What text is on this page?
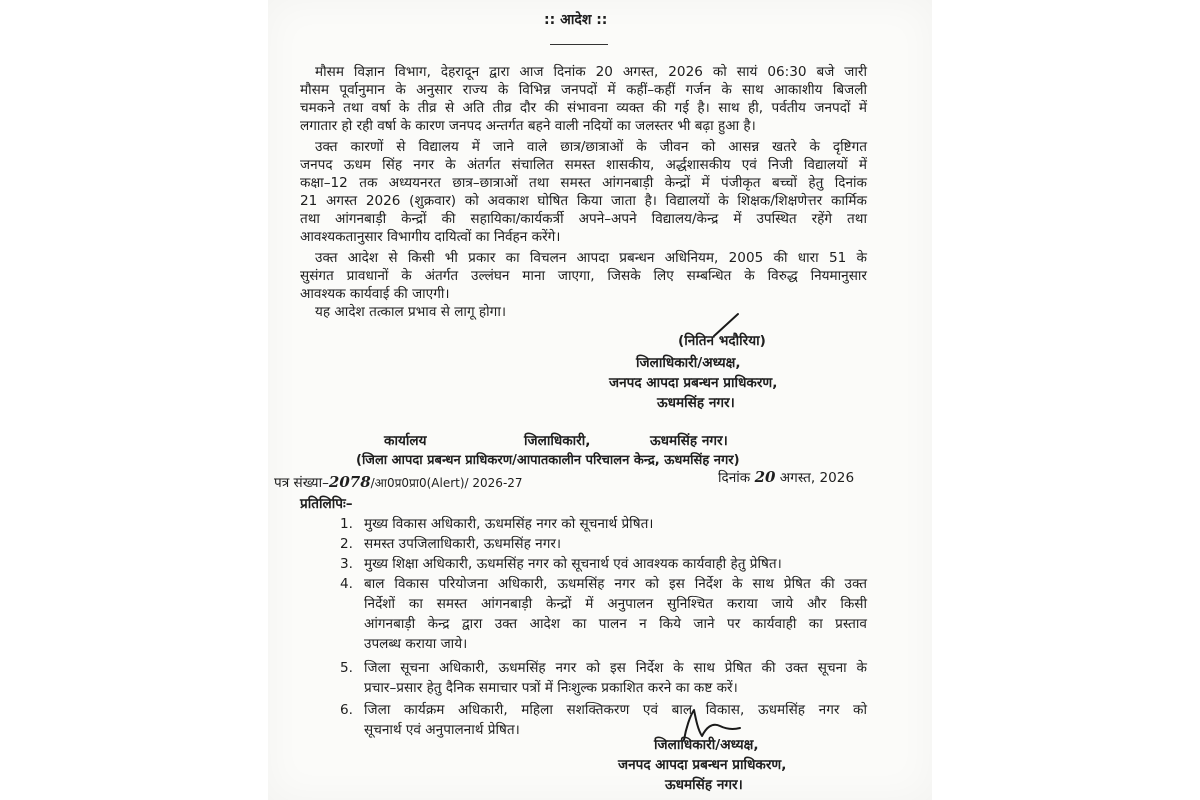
:: आदेश ::
मौसम विज्ञान विभाग, देहरादून द्वारा आज दिनांक 20 अगस्त, 2026 को सायं 06:30 बजे जारी
मौसम पूर्वानुमान के अनुसार राज्य के विभिन्न जनपदों में कहीं–कहीं गर्जन के साथ आकाशीय बिजली
चमकने तथा वर्षा के तीव्र से अति तीव्र दौर की संभावना व्यक्त की गई है। साथ ही, पर्वतीय जनपदों में
लगातार हो रही वर्षा के कारण जनपद अन्तर्गत बहने वाली नदियों का जलस्तर भी बढ़ा हुआ है।
उक्त कारणों से विद्यालय में जाने वाले छात्र/छात्राओं के जीवन को आसन्न खतरे के दृष्टिगत
जनपद ऊधम सिंह नगर के अंतर्गत संचालित समस्त शासकीय, अर्द्धशासकीय एवं निजी विद्यालयों में
कक्षा–12 तक अध्ययनरत छात्र–छात्राओं तथा समस्त आंगनबाड़ी केन्द्रों में पंजीकृत बच्चों हेतु दिनांक
21 अगस्त 2026 (शुक्रवार) को अवकाश घोषित किया जाता है। विद्यालयों के शिक्षक/शिक्षणेत्तर कार्मिक
तथा आंगनबाड़ी केन्द्रों की सहायिका/कार्यकर्त्री अपने–अपने विद्यालय/केन्द्र में उपस्थित रहेंगे तथा
आवश्यकतानुसार विभागीय दायित्वों का निर्वहन करेंगे।
उक्त आदेश से किसी भी प्रकार का विचलन आपदा प्रबन्धन अधिनियम, 2005 की धारा 51 के
सुसंगत प्रावधानों के अंतर्गत उल्लंघन माना जाएगा, जिसके लिए सम्बन्धित के विरुद्ध नियमानुसार
आवश्यक कार्यवाई की जाएगी।
यह आदेश तत्काल प्रभाव से लागू होगा।
(नितिन भदौरिया)
जिलाधिकारी/अध्यक्ष,
जनपद आपदा प्रबन्धन प्राधिकरण,
ऊधमसिंह नगर।
कार्यालय	जिलाधिकारी,	ऊधमसिंह नगर।
(जिला आपदा प्रबन्धन प्राधिकरण/आपातकालीन परिचालन केन्द्र, ऊधमसिंह नगर)
पत्र संख्या–2078/आ0प्र0प्रा0(Alert)/ 2026-27	दिनांक 20 अगस्त, 2026
प्रतिलिपिः–
1. मुख्य विकास अधिकारी, ऊधमसिंह नगर को सूचनार्थ प्रेषित।
2. समस्त उपजिलाधिकारी, ऊधमसिंह नगर।
3. मुख्य शिक्षा अधिकारी, ऊधमसिंह नगर को सूचनार्थ एवं आवश्यक कार्यवाही हेतु प्रेषित।
4. बाल विकास परियोजना अधिकारी, ऊधमसिंह नगर को इस निर्देश के साथ प्रेषित की उक्त
निर्देशों का समस्त आंगनबाड़ी केन्द्रों में अनुपालन सुनिश्चित कराया जाये और किसी
आंगनबाड़ी केन्द्र द्वारा उक्त आदेश का पालन न किये जाने पर कार्यवाही का प्रस्ताव
उपलब्ध कराया जाये।
5. जिला सूचना अधिकारी, ऊधमसिंह नगर को इस निर्देश के साथ प्रेषित की उक्त सूचना के
प्रचार–प्रसार हेतु दैनिक समाचार पत्रों में निःशुल्क प्रकाशित करने का कष्ट करें।
6. जिला कार्यक्रम अधिकारी, महिला सशक्तिकरण एवं बाल विकास, ऊधमसिंह नगर को
सूचनार्थ एवं अनुपालनार्थ प्रेषित।
जिलाधिकारी/अध्यक्ष,
जनपद आपदा प्रबन्धन प्राधिकरण,
ऊधमसिंह नगर।
